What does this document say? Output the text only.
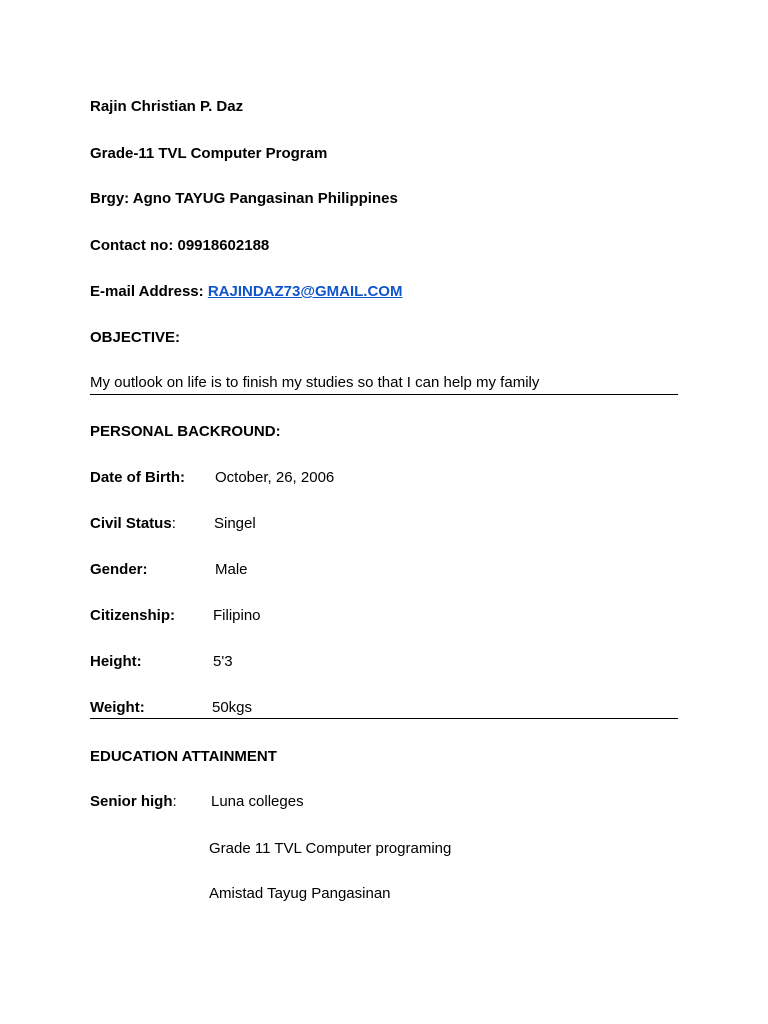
Rajin Christian P. Daz
Grade-11 TVL Computer Program
Brgy: Agno TAYUG Pangasinan Philippines
Contact no: 09918602188
E-mail Address: RAJINDAZ73@GMAIL.COM
OBJECTIVE:
My outlook on life is to finish my studies so that I can help my family
PERSONAL BACKROUND:
Date of Birth: October, 26, 2006
Civil Status:	Singel
Gender:	Male
Citizenship:	Filipino
Height:	5'3
Weight:	50kgs
EDUCATION ATTAINMENT
Senior high: Luna colleges
Grade 11 TVL Computer programing
Amistad Tayug Pangasinan
